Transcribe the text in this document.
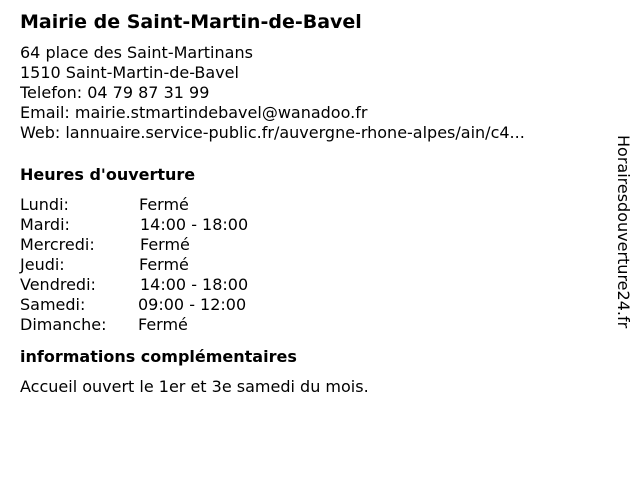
Mairie de Saint-Martin-de-Bavel
64 place des Saint-Martinans
1510 Saint-Martin-de-Bavel
Telefon: 04 79 87 31 99
Email: mairie.stmartindebavel@wanadoo.fr
Web: lannuaire.service-public.fr/auvergne-rhone-alpes/ain/c4...
Heures d'ouverture
Lundi:	Fermé
Mardi:	14:00 - 18:00
Mercredi:	Fermé
Jeudi:	Fermé
Vendredi:	14:00 - 18:00
Samedi:	09:00 - 12:00
Dimanche:	Fermé
informations complémentaires
Accueil ouvert le 1er et 3e samedi du mois.
Horairesdouverture24.fr
